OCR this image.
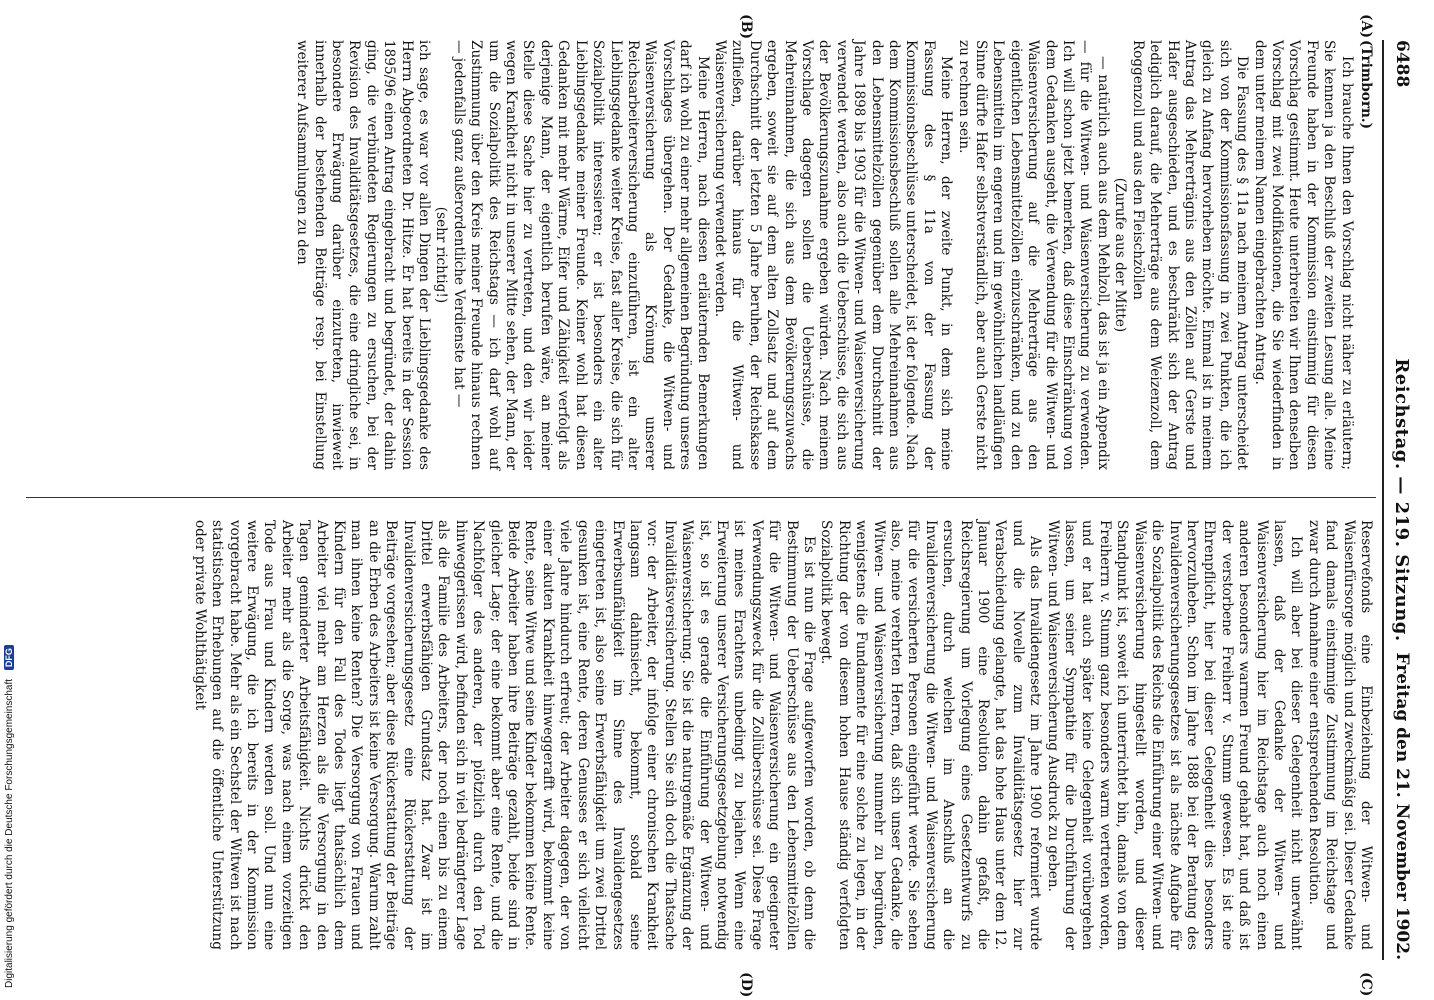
6488
Reichstag. — 219. Sitzung.
Freitag den 21. November 1902.
(A)
(B)
(C)
(D)

(Trimborn.)

Ich brauche Ihnen den Vorschlag nicht näher zu erläutern; Sie kennen ja den Beschluß der zweiten Lesung alle. Meine Freunde haben in der Kommission einstimmig für diesen Vorschlag gestimmt. Heute unterbreiten wir Ihnen denselben Vorschlag mit zwei Modifikationen, die Sie wiederfinden in dem unter meinem Namen eingebrachten Antrag.

Die Fassung des § 11a nach meinem Antrag unterscheidet sich von der Kommissionsfassung in zwei Punkten, die ich gleich zu Anfang hervorheben möchte. Einmal ist in meinem Antrag das Mehrerträgnis aus den Zöllen auf Gerste und Hafer ausgeschieden, und es beschränkt sich der Antrag lediglich darauf, die Mehrerträge aus dem Weizenzoll, dem Roggenzoll und aus den Fleischzöllen

(Zurufe aus der Mitte)

— natürlich auch aus dem Mehlzoll, das ist ja ein Appendix — für die Witwen- und Waisenversicherung zu verwenden. Ich will schon jetzt bemerken, daß diese Einschränkung von dem Gedanken ausgeht, die Verwendung für die Witwen- und Waisenversicherung auf die Mehrerträge aus den eigentlichen Lebensmittelzöllen einzuschränken, und zu den Lebensmitteln im engeren und im gewöhnlichen landläufigen Sinne dürfte Hafer selbstverständlich, aber auch Gerste nicht zu rechnen sein.

Meine Herren, der zweite Punkt, in dem sich meine Fassung des § 11a von der Fassung der Kommissionsbeschlüsse unterscheidet, ist der folgende. Nach dem Kommissionsbeschluß sollen alle Mehreinnahmen aus den Lebensmittelzöllen gegenüber dem Durchschnitt der Jahre 1898 bis 1903 für die Witwen- und Waisenversicherung verwendet werden, also auch die Ueberschüsse, die sich aus der Bevölkerungszunahme ergeben würden. Nach meinem Vorschlage dagegen sollen die Ueberschüsse, die Mehreinnahmen, die sich aus dem Bevölkerungszuwachs ergeben, soweit sie auf dem alten Zollsatz und auf dem Durchschnitt der letzten 5 Jahre beruhen, der Reichskasse zufließen, darüber hinaus für die Witwen- und Waisenversicherung verwendet werden.

Meine Herren, nach diesen erläuternden Bemerkungen darf ich wohl zu einer mehr allgemeinen Begründung unseres Vorschlages übergehen. Der Gedanke, die Witwen- und Waisenversicherung als Krönung unserer Reichsarbeiterversicherung einzuführen, ist ein alter Lieblingsgedanke weiter Kreise, fast aller Kreise, die sich für Sozialpolitik interessieren; er ist besonders ein alter Lieblingsgedanke meiner Freunde. Keiner wohl hat diesen Gedanken mit mehr Wärme, Eifer und Zähigkeit verfolgt als derjenige Mann, der eigentlich berufen wäre, an meiner Stelle diese Sache hier zu vertreten, und den wir leider wegen Krankheit nicht in unserer Mitte sehen, der Mann, der um die Sozialpolitik des Reichstags — ich darf wohl auf Zustimmung über den Kreis meiner Freunde hinaus rechnen — jedenfalls ganz außerordentliche Verdienste hat —

(sehr richtig!)

ich sage, es war vor allen Dingen der Lieblingsgedanke des Herrn Abgeordneten Dr. Hitze. Er hat bereits in der Session 1895/96 einen Antrag eingebracht und begründet, der dahin ging, die verbündeten Regierungen zu ersuchen, bei der Revision des Invaliditätsgesetzes, die eine dringliche sei, in besondere Erwägung darüber einzutreten, inwieweit innerhalb der bestehenden Beiträge resp. bei Einstellung weiterer Aufsammlungen zu den

Reservefonds eine Einbeziehung der Witwen- und Waisenfürsorge möglich und zweckmäßig sei. Dieser Gedanke fand damals einstimmige Zustimmung im Reichstage und zwar durch Annahme einer entsprechenden Resolution.

Ich will aber bei dieser Gelegenheit nicht unerwähnt lassen, daß der Gedanke der Witwen- und Waisenversicherung hier im Reichstage auch noch einen anderen besonders warmen Freund gehabt hat, und daß ist der verstorbene Freiherr v. Stumm gewesen. Es ist eine Ehrenpflicht, hier bei dieser Gelegenheit dies besonders hervorzuheben. Schon im Jahre 1888 bei der Beratung des Invalidenversicherungsgesetzes ist als nächste Aufgabe für die Sozialpolitik des Reichs die Einführung einer Witwen- und Waisenversicherung hingestellt worden, und dieser Standpunkt ist, soweit ich unterrichtet bin, damals von dem Freiherrn v. Stumm ganz besonders warm vertreten worden, und er hat auch später keine Gelegenheit vorübergehen lassen, um seiner Sympathie für die Durchführung der Witwen- und Waisenversicherung Ausdruck zu geben.

Als das Invalidengesetz im Jahre 1900 reformiert wurde und die Novelle zum Invaliditätsgesetz hier zur Verabschiedung gelangte, hat das hohe Haus unter dem 12. Januar 1900 eine Resolution dahin gefaßt, die Reichsregierung um Vorlegung eines Gesetzentwurfs zu ersuchen, durch welchen im Anschluß an die Invalidenversicherung die Witwen- und Waisenversicherung für die versicherten Personen eingeführt werde. Sie sehen also, meine verehrten Herren, daß sich unser Gedanke, die Witwen- und Waisenversicherung nunmehr zu begründen, wenigstens die Fundamente für eine solche zu legen, in der Richtung der von diesem hohen Hause ständig verfolgten Sozialpolitik bewegt.

Es ist nun die Frage aufgeworfen worden, ob denn die Bestimmung der Ueberschüsse aus den Lebensmittelzöllen für die Witwen- und Waisenversicherung ein geeigneter Verwendungszweck für die Zollüberschüsse sei. Diese Frage ist meines Erachtens unbedingt zu bejahen. Wenn eine Erweiterung unserer Versicherungsgesetzgebung notwendig ist, so ist es gerade die Einführung der Witwen- und Waisenversicherung. Sie ist die naturgemäße Ergänzung der Invaliditätsversicherung. Stellen Sie sich doch die Thatsache vor: der Arbeiter, der infolge einer chronischen Krankheit langsam dahinsiecht, bekommt, sobald seine Erwerbsunfähigkeit im Sinne des Invalidengesetzes eingetreten ist, also seine Erwerbsfähigkeit um zwei Drittel gesunken ist, eine Rente, deren Genusses er sich vielleicht viele Jahre hindurch erfreut; der Arbeiter dagegen, der von einer akuten Krankheit hinweggerafft wird, bekommt keine Rente, seine Witwe und seine Kinder bekommen keine Rente. Beide Arbeiter haben ihre Beiträge gezahlt, beide sind in gleicher Lage; der eine bekommt aber eine Rente, und die Nachfolger des anderen, der plötzlich durch den Tod hinweggerissen wird, befinden sich in viel bedrängterer Lage als die Familie des Arbeiters, der noch einen bis zu einem Drittel erwerbsfähigen Grundsatz hat. Zwar ist im Invalidenversicherungsgesetz eine Rückerstattung der Beiträge vorgesehen; aber diese Rückerstattung der Beiträge an die Erben des Arbeiters ist keine Versorgung. Warum zahlt man ihnen keine Renten? Die Versorgung von Frauen und Kindern für den Fall des Todes liegt thatsächlich dem Arbeiter viel mehr am Herzen als die Versorgung in den Tagen geminderter Arbeitsfähigkeit. Nichts drückt den Arbeiter mehr als die Sorge, was nach einem vorzeitigen Tode aus Frau und Kindern werden soll. Und nun eine weitere Erwägung, die ich bereits in der Kommission vorgebracht habe. Mehr als ein Sechstel der Witwen ist nach statistischen Erhebungen auf die öffentliche Unterstützung oder private Wohlthätigkeit

Digitalisierung gefördert durch die Deutsche Forschungsgemeinschaft DFG
